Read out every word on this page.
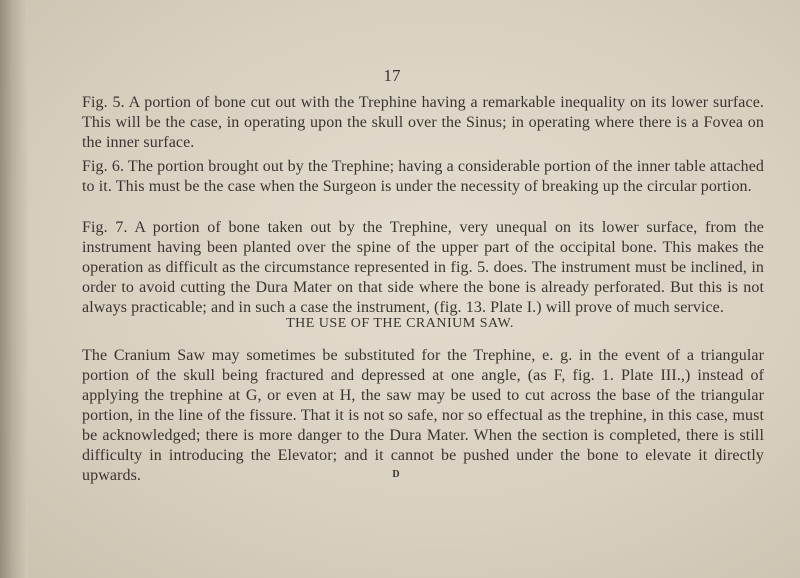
17

Fig. 5. A portion of bone cut out with the Trephine having a remarkable inequality on its lower surface. This will be the case, in operating upon the skull over the Sinus; in operating where there is a Fovea on the inner surface.

Fig. 6. The portion brought out by the Trephine; having a considerable portion of the inner table attached to it. This must be the case when the Surgeon is under the necessity of breaking up the circular portion.

Fig. 7. A portion of bone taken out by the Trephine, very unequal on its lower surface, from the instrument having been planted over the spine of the upper part of the occipital bone. This makes the operation as difficult as the circumstance represented in fig. 5. does. The instrument must be inclined, in order to avoid cutting the Dura Mater on that side where the bone is already perforated. But this is not always practicable; and in such a case the instrument, (fig. 13. Plate I.) will prove of much service.

THE USE OF THE CRANIUM SAW.

The Cranium Saw may sometimes be substituted for the Trephine, e. g. in the event of a triangular portion of the skull being fractured and depressed at one angle, (as F, fig. 1. Plate III.,) instead of applying the trephine at G, or even at H, the saw may be used to cut across the base of the triangular portion, in the line of the fissure. That it is not so safe, nor so effectual as the trephine, in this case, must be acknowledged; there is more danger to the Dura Mater. When the section is completed, there is still difficulty in introducing the Elevator; and it cannot be pushed under the bone to elevate it directly upwards.	D
